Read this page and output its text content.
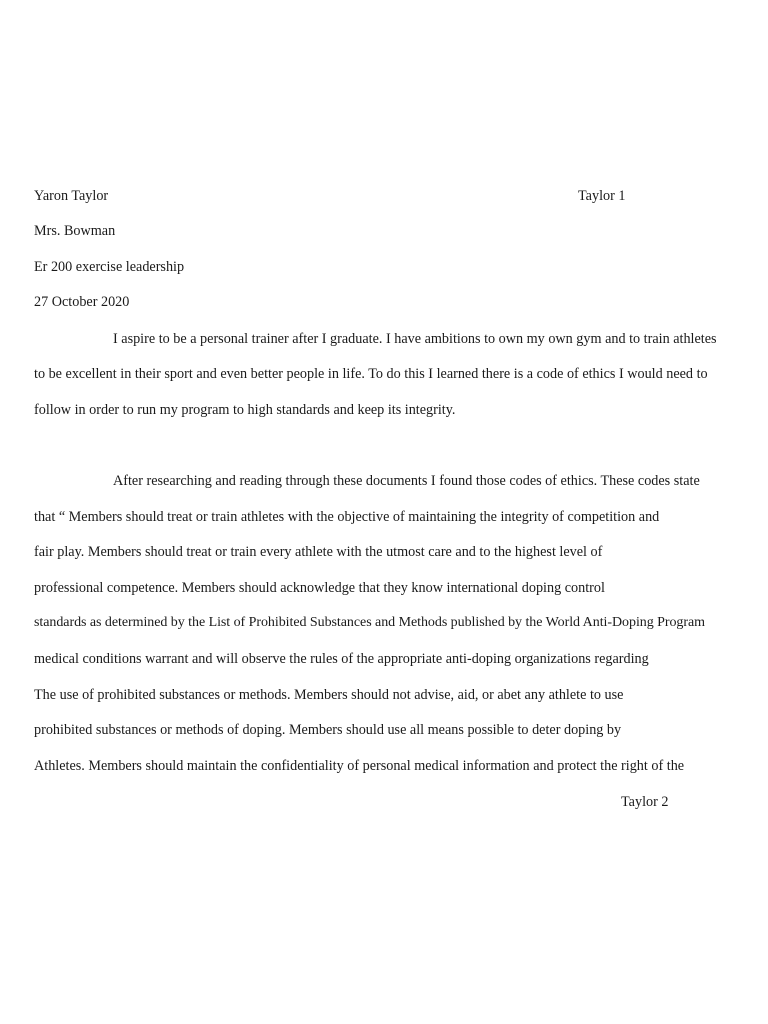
Yaron Taylor	Taylor 1
Mrs. Bowman
Er 200 exercise leadership
27 October 2020
I aspire to be a personal trainer after I graduate. I have ambitions to own my own gym and to train athletes
to be excellent in their sport and even better people in life. To do this I learned there is a code of ethics I would need to
follow in order to run my program to high standards and keep its integrity.
After researching and reading through these documents I found those codes of ethics. These codes state
that “ Members should treat or train athletes with the objective of maintaining the integrity of competition and
fair play. Members should treat or train every athlete with the utmost care and to the highest level of
professional competence. Members should acknowledge that they know international doping control
standards as determined by the List of Prohibited Substances and Methods published by the World Anti-Doping Program
medical conditions warrant and will observe the rules of the appropriate anti-doping organizations regarding
The use of prohibited substances or methods. Members should not advise, aid, or abet any athlete to use
prohibited substances or methods of doping. Members should use all means possible to deter doping by
Athletes. Members should maintain the confidentiality of personal medical information and protect the right of the
Taylor 2
